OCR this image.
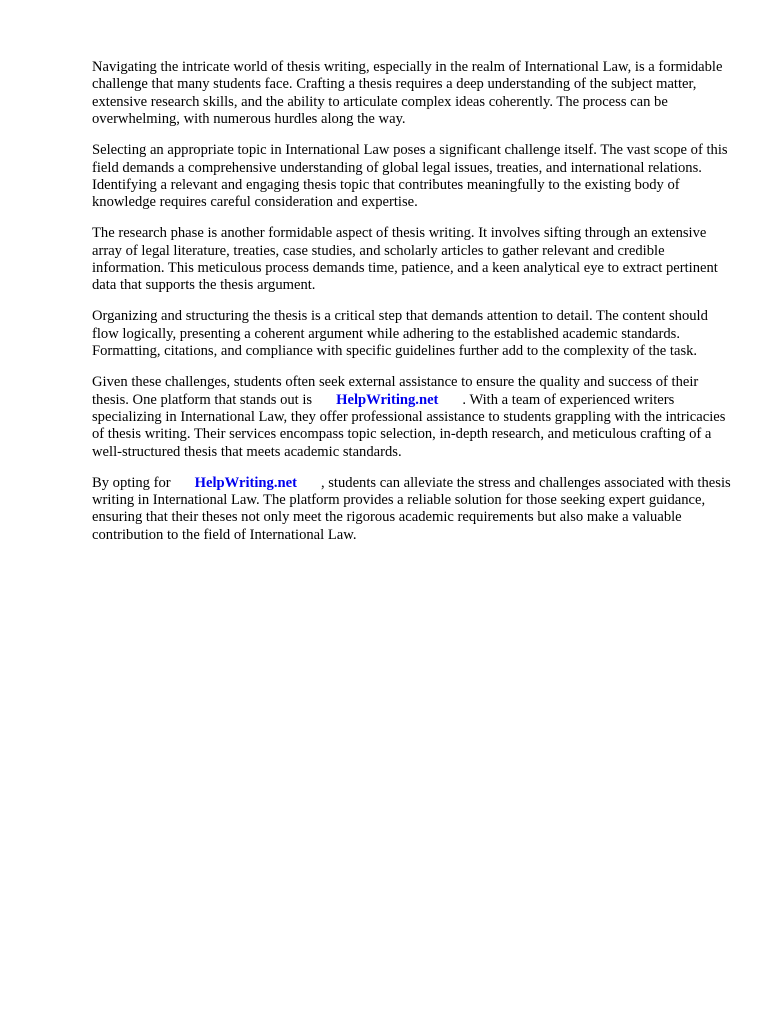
Navigating the intricate world of thesis writing, especially in the realm of International Law, is a formidable challenge that many students face. Crafting a thesis requires a deep understanding of the subject matter, extensive research skills, and the ability to articulate complex ideas coherently. The process can be overwhelming, with numerous hurdles along the way.

Selecting an appropriate topic in International Law poses a significant challenge itself. The vast scope of this field demands a comprehensive understanding of global legal issues, treaties, and international relations. Identifying a relevant and engaging thesis topic that contributes meaningfully to the existing body of knowledge requires careful consideration and expertise.

The research phase is another formidable aspect of thesis writing. It involves sifting through an extensive array of legal literature, treaties, case studies, and scholarly articles to gather relevant and credible information. This meticulous process demands time, patience, and a keen analytical eye to extract pertinent data that supports the thesis argument.

Organizing and structuring the thesis is a critical step that demands attention to detail. The content should flow logically, presenting a coherent argument while adhering to the established academic standards. Formatting, citations, and compliance with specific guidelines further add to the complexity of the task.

Given these challenges, students often seek external assistance to ensure the quality and success of their thesis. One platform that stands out is HelpWriting.net . With a team of experienced writers specializing in International Law, they offer professional assistance to students grappling with the intricacies of thesis writing. Their services encompass topic selection, in-depth research, and meticulous crafting of a well-structured thesis that meets academic standards.

By opting for HelpWriting.net , students can alleviate the stress and challenges associated with thesis writing in International Law. The platform provides a reliable solution for those seeking expert guidance, ensuring that their theses not only meet the rigorous academic requirements but also make a valuable contribution to the field of International Law.
